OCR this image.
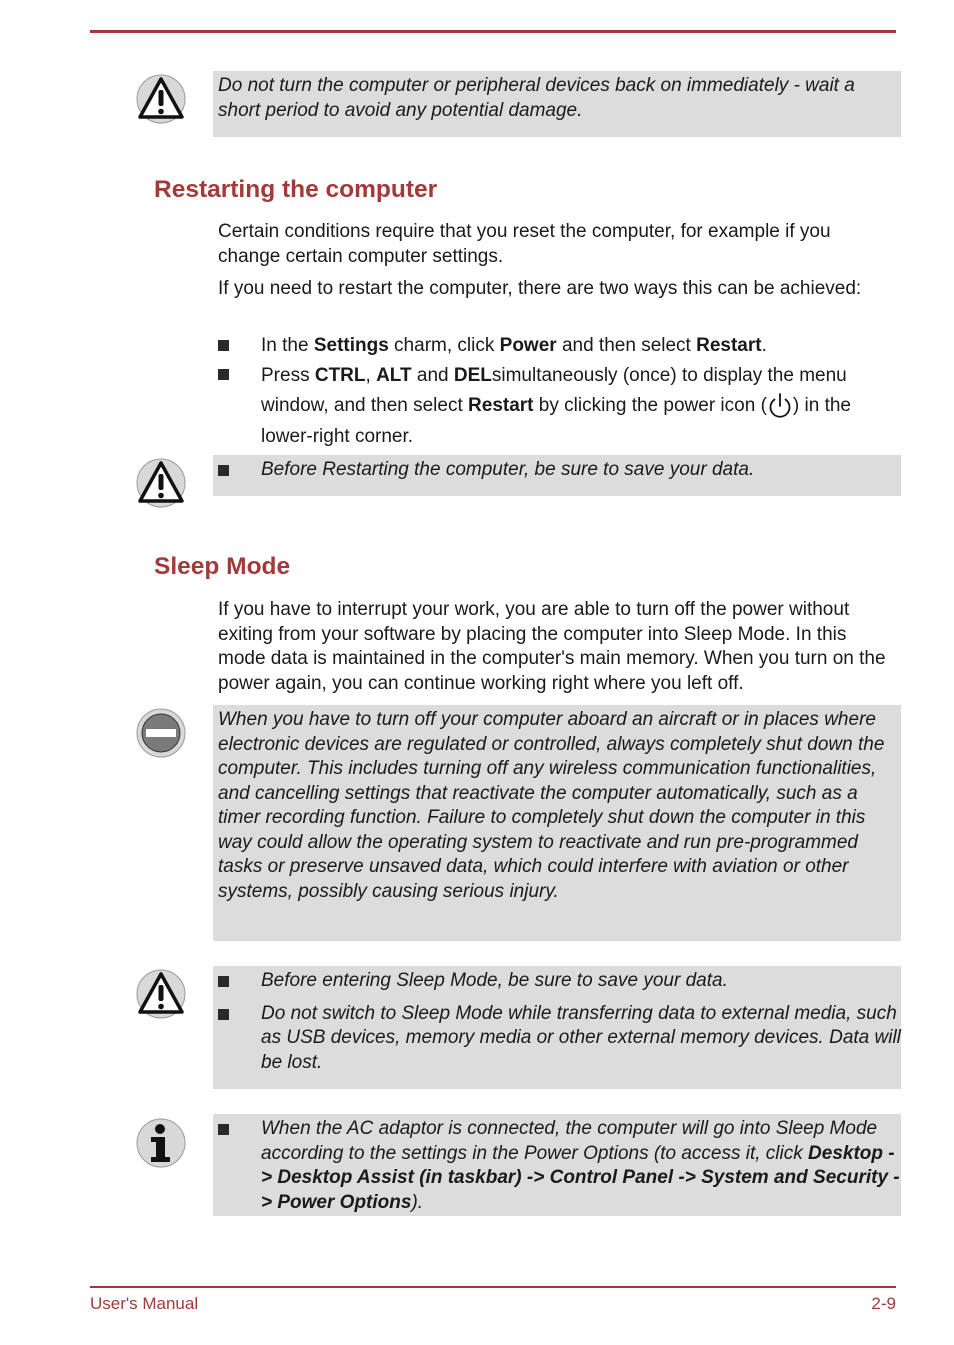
Do not turn the computer or peripheral devices back on immediately - wait a short period to avoid any potential damage.
Restarting the computer

Certain conditions require that you reset the computer, for example if you change certain computer settings.

If you need to restart the computer, there are two ways this can be achieved:

In the Settings charm, click Power and then select Restart.
Press CTRL, ALT and DELsimultaneously (once) to display the menu window, and then select Restart by clicking the power icon ( ) in the lower-right corner.
Before Restarting the computer, be sure to save your data.
Sleep Mode

If you have to interrupt your work, you are able to turn off the power without exiting from your software by placing the computer into Sleep Mode. In this mode data is maintained in the computer's main memory. When you turn on the power again, you can continue working right where you left off.

When you have to turn off your computer aboard an aircraft or in places where electronic devices are regulated or controlled, always completely shut down the computer. This includes turning off any wireless communication functionalities, and cancelling settings that reactivate the computer automatically, such as a timer recording function. Failure to completely shut down the computer in this way could allow the operating system to reactivate and run pre-programmed tasks or preserve unsaved data, which could interfere with aviation or other systems, possibly causing serious injury.
Before entering Sleep Mode, be sure to save your data.
Do not switch to Sleep Mode while transferring data to external media, such as USB devices, memory media or other external memory devices. Data will be lost.
When the AC adaptor is connected, the computer will go into Sleep Mode according to the settings in the Power Options (to access it, click Desktop -> Desktop Assist (in taskbar) -> Control Panel -> System and Security -> Power Options).
User's Manual	2-9
